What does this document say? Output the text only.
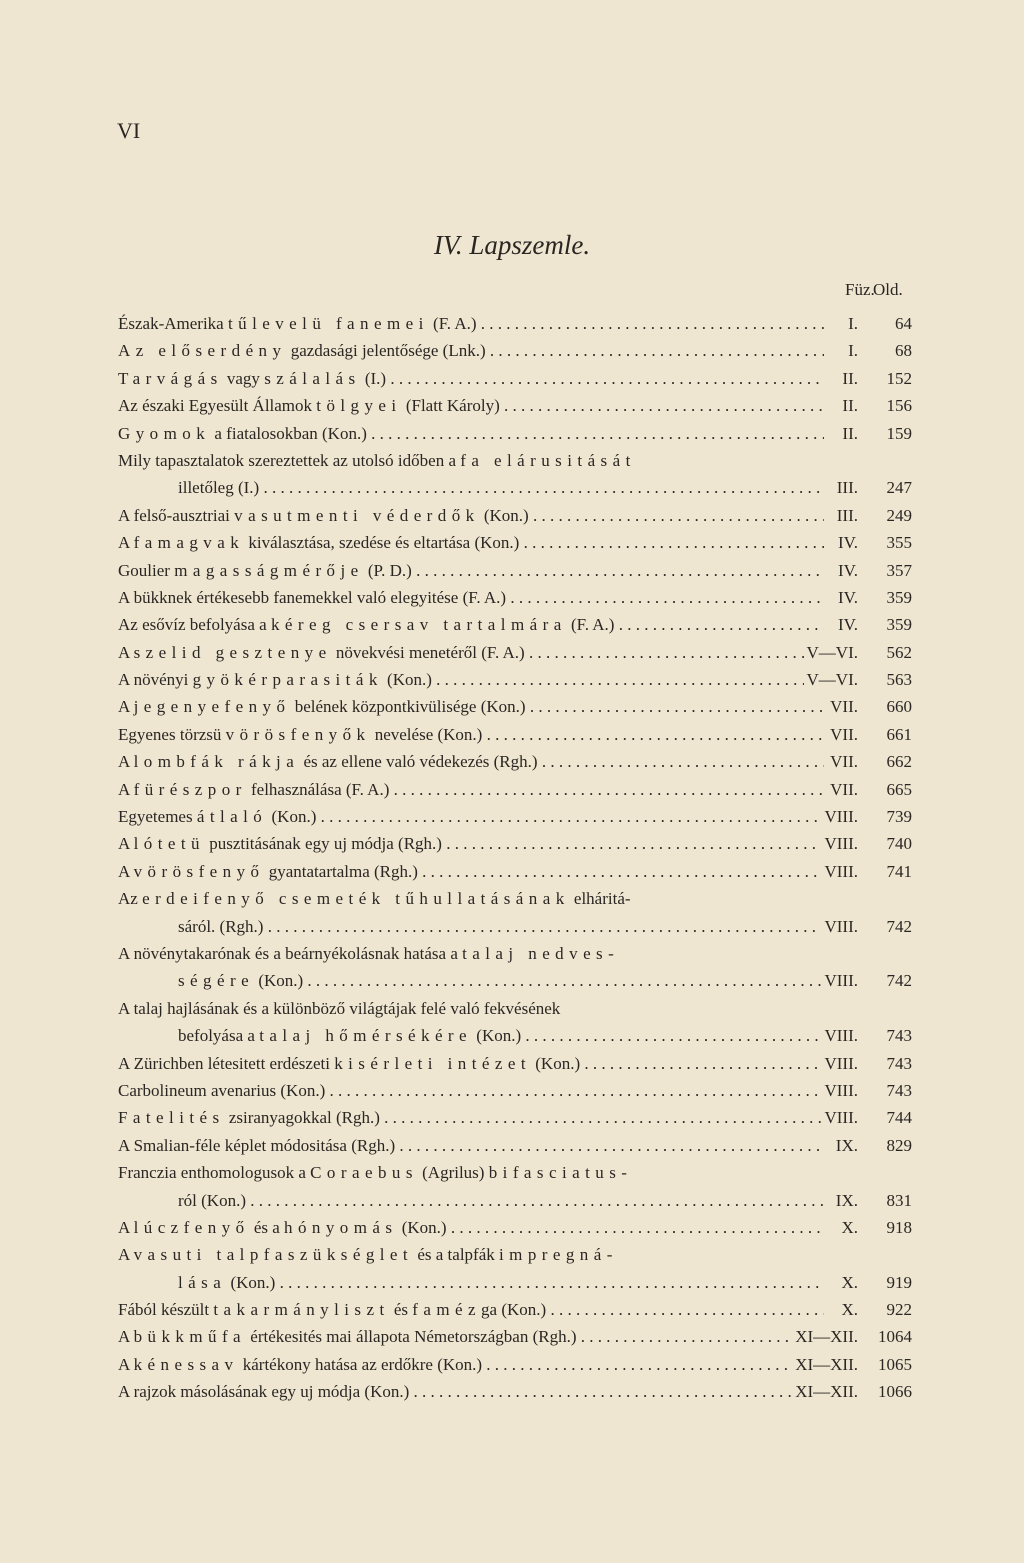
VI
IV. Lapszemle.
Füz.
Old.
Észak-Amerika tűlevelü fanemei (F. A.) . . .	I.	64
Az előserdény gazdasági jelentősége (Lnk.) . . .	I.	68
Tarvágás vagy szálalás (I.) . . .	II.	152
Az északi Egyesült Államok tölgyei (Flatt Károly) . . .	II.	156
Gyomok a fiatalosokban (Kon.) . . .	II.	159
Mily tapasztalatok szereztettek az utolsó időben a fa elárusitását
illetőleg (I.) . . .	III.	247
A felső-ausztriai vasutmenti véderdők (Kon.) . . .	III.	249
A famagvak kiválasztása, szedése és eltartása (Kon.) . . .	IV.	355
Goulier magasságmérője (P. D.) . . .	IV.	357
A bükknek értékesebb fanemekkel való elegyitése (F. A.) . . .	IV.	359
Az esővíz befolyása a kéreg csersav tartalmára (F. A.) . . .	IV.	359
A szelid gesztenye növekvési menetéről (F. A.) . . .	V—VI.	562
A növényi gyökérparasiták (Kon.) . . .	V—VI.	563
A jegenyefenyő belének központkivülisége (Kon.) . . .	VII.	660
Egyenes törzsü vörösfenyők nevelése (Kon.) . . .	VII.	661
A lombfák rákja és az ellene való védekezés (Rgh.) . . .	VII.	662
A fürészpor felhasználása (F. A.) . . .	VII.	665
Egyetemes átlaló (Kon.) . . .	VIII.	739
A lótetü pusztitásának egy uj módja (Rgh.) . . .	VIII.	740
A vörösfenyő gyantatartalma (Rgh.) . . .	VIII.	741
Az erdeifenyő csemeték tűhullatásának elháritá-
sáról. (Rgh.) . . .	VIII.	742
A növénytakarónak és a beárnyékolásnak hatása a talaj nedves-
ségére (Kon.) . . .	VIII.	742
A talaj hajlásának és a különböző világtájak felé való fekvésének
befolyása a talaj hőmérsékére (Kon.) . . .	VIII.	743
A Zürichben létesitett erdészeti kisérleti intézet (Kon.) . . .	VIII.	743
Carbolineum avenarius (Kon.) . . .	VIII.	743
Fatelités zsiranyagokkal (Rgh.) . . .	VIII.	744
A Smalian-féle képlet módositása (Rgh.) . . .	IX.	829
Franczia enthomologusok a Coraebus (Agrilus) bifasciatus-
ról (Kon.) . . .	IX.	831
A lúczfenyő és a hónyomás (Kon.) . . .	X.	918
A vasuti talpfaszükséglet és a talpfák impregná-
lása (Kon.) . . .	X.	919
Fából készült takarmányliszt és famézga (Kon.) . . .	X.	922
A bükkműfa értékesités mai állapota Németországban (Rgh.) . . .	XI—XII.	1064
A kénessav kártékony hatása az erdőkre (Kon.) . . .	XI—XII.	1065
A rajzok másolásának egy uj módja (Kon.) . . .	XI—XII.	1066
